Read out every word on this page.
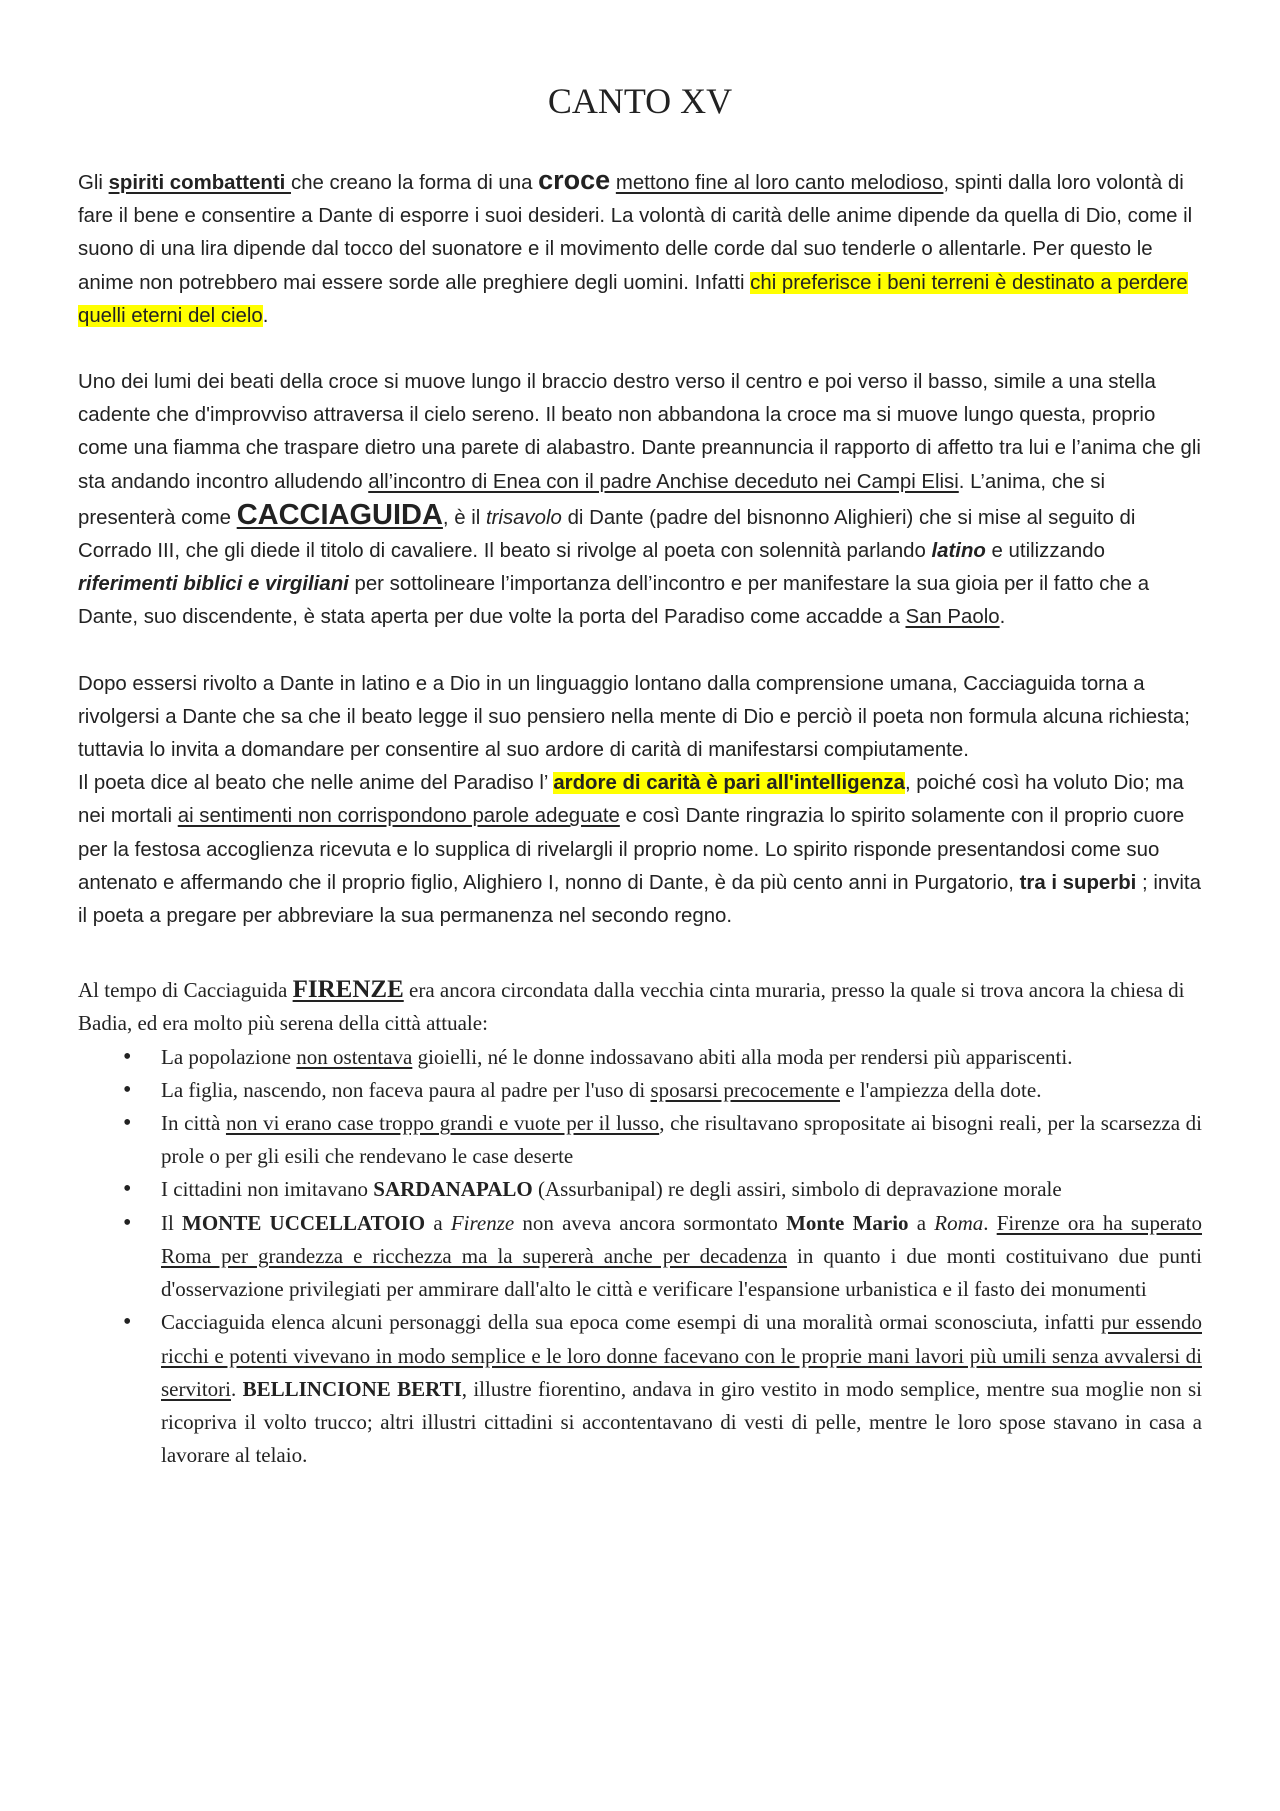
CANTO XV

Gli spiriti combattenti che creano la forma di una croce mettono fine al loro canto melodioso, spinti dalla loro volontà di fare il bene e consentire a Dante di esporre i suoi desideri. La volontà di carità delle anime dipende da quella di Dio, come il suono di una lira dipende dal tocco del suonatore e il movimento delle corde dal suo tenderle o allentarle. Per questo le anime non potrebbero mai essere sorde alle preghiere degli uomini. Infatti chi preferisce i beni terreni è destinato a perdere quelli eterni del cielo.

Uno dei lumi dei beati della croce si muove lungo il braccio destro verso il centro e poi verso il basso, simile a una stella cadente che d'improvviso attraversa il cielo sereno. Il beato non abbandona la croce ma si muove lungo questa, proprio come una fiamma che traspare dietro una parete di alabastro. Dante preannuncia il rapporto di affetto tra lui e l’anima che gli sta andando incontro alludendo all’incontro di Enea con il padre Anchise deceduto nei Campi Elisi. L’anima, che si presenterà come CACCIAGUIDA, è il trisavolo di Dante (padre del bisnonno Alighieri) che si mise al seguito di Corrado III, che gli diede il titolo di cavaliere. Il beato si rivolge al poeta con solennità parlando latino e utilizzando riferimenti biblici e virgiliani per sottolineare l’importanza dell’incontro e per manifestare la sua gioia per il fatto che a Dante, suo discendente, è stata aperta per due volte la porta del Paradiso come accadde a San Paolo.

Dopo essersi rivolto a Dante in latino e a Dio in un linguaggio lontano dalla comprensione umana, Cacciaguida torna a rivolgersi a Dante che sa che il beato legge il suo pensiero nella mente di Dio e perciò il poeta non formula alcuna richiesta; tuttavia lo invita a domandare per consentire al suo ardore di carità di manifestarsi compiutamente.

Il poeta dice al beato che nelle anime del Paradiso l’ ardore di carità è pari all'intelligenza, poiché così ha voluto Dio; ma nei mortali ai sentimenti non corrispondono parole adeguate e così Dante ringrazia lo spirito solamente con il proprio cuore per la festosa accoglienza ricevuta e lo supplica di rivelargli il proprio nome. Lo spirito risponde presentandosi come suo antenato e affermando che il proprio figlio, Alighiero I, nonno di Dante, è da più cento anni in Purgatorio, tra i superbi ; invita il poeta a pregare per abbreviare la sua permanenza nel secondo regno.

Al tempo di Cacciaguida FIRENZE era ancora circondata dalla vecchia cinta muraria, presso la quale si trova ancora la chiesa di Badia, ed era molto più serena della città attuale:

• La popolazione non ostentava gioielli, né le donne indossavano abiti alla moda per rendersi più appariscenti.
• La figlia, nascendo, non faceva paura al padre per l'uso di sposarsi precocemente e l'ampiezza della dote.
• In città non vi erano case troppo grandi e vuote per il lusso, che risultavano spropositate ai bisogni reali, per la scarsezza di prole o per gli esili che rendevano le case deserte
• I cittadini non imitavano SARDANAPALO (Assurbanipal) re degli assiri, simbolo di depravazione morale
• Il MONTE UCCELLATOIO a Firenze non aveva ancora sormontato Monte Mario a Roma. Firenze ora ha superato Roma per grandezza e ricchezza ma la supererà anche per decadenza in quanto i due monti costituivano due punti d'osservazione privilegiati per ammirare dall'alto le città e verificare l'espansione urbanistica e il fasto dei monumenti
• Cacciaguida elenca alcuni personaggi della sua epoca come esempi di una moralità ormai sconosciuta, infatti pur essendo ricchi e potenti vivevano in modo semplice e le loro donne facevano con le proprie mani lavori più umili senza avvalersi di servitori. BELLINCIONE BERTI, illustre fiorentino, andava in giro vestito in modo semplice, mentre sua moglie non si ricopriva il volto trucco; altri illustri cittadini si accontentavano di vesti di pelle, mentre le loro spose stavano in casa a lavorare al telaio.
